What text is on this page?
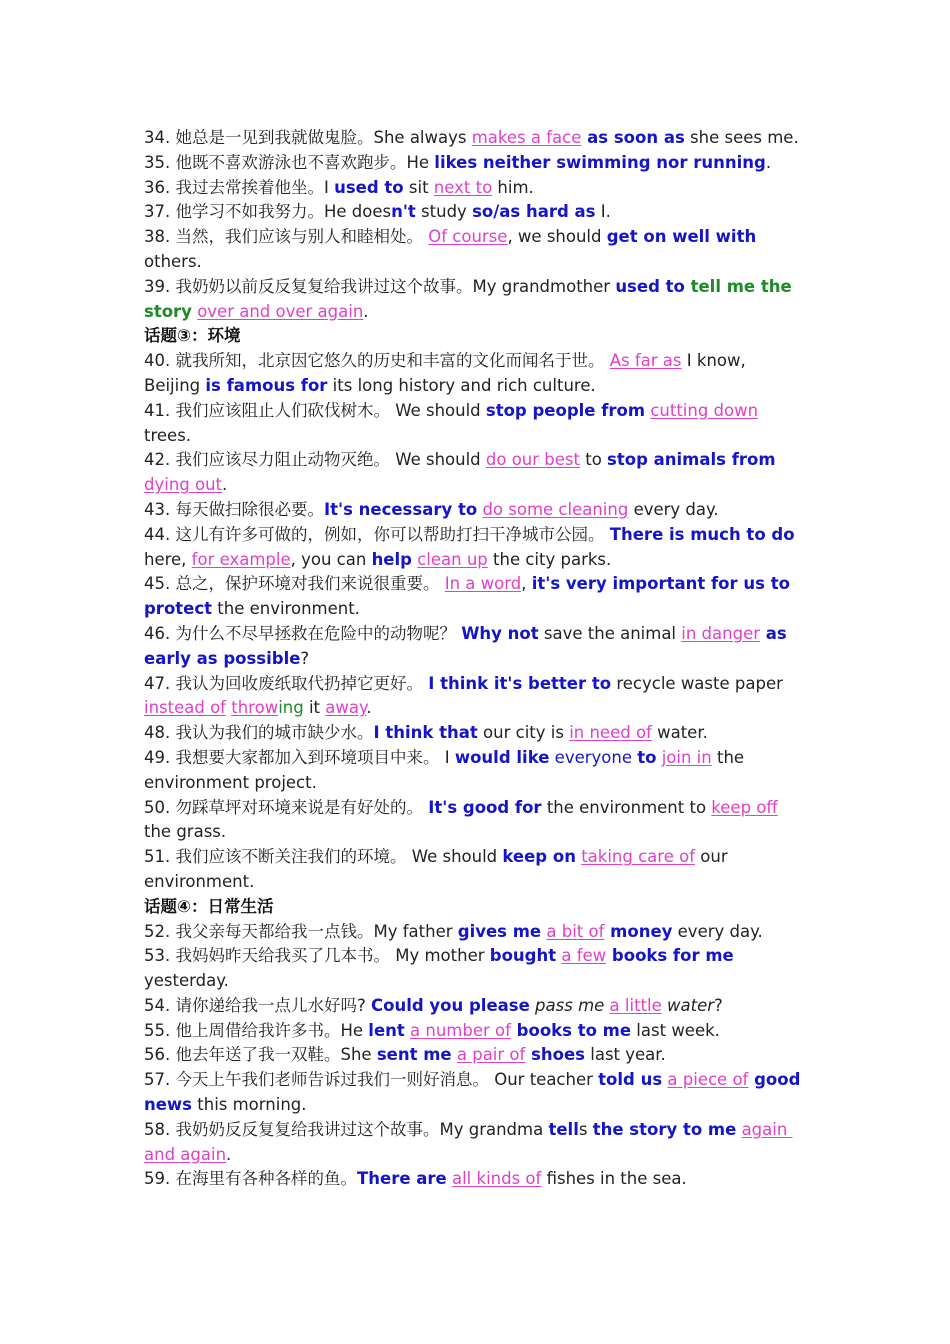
34. 她总是一见到我就做鬼脸。She always makes a face as soon as she sees me.
35. 他既不喜欢游泳也不喜欢跑步。He likes neither swimming nor running.
36. 我过去常挨着他坐。I used to sit next to him.
37. 他学习不如我努力。He doesn't study so/as hard as I.
38. 当然，我们应该与别人和睦相处。 Of course, we should get on well with others.
39. 我奶奶以前反反复复给我讲过这个故事。My grandmother used to tell me the story over and over again.
话题③：环境
40. 就我所知，北京因它悠久的历史和丰富的文化而闻名于世。 As far as I know, Beijing is famous for its long history and rich culture.
41. 我们应该阻止人们砍伐树木。 We should stop people from cutting down trees.
42. 我们应该尽力阻止动物灭绝。 We should do our best to stop animals from dying out.
43. 每天做扫除很必要。It's necessary to do some cleaning every day.
44. 这儿有许多可做的，例如，你可以帮助打扫干净城市公园。 There is much to do here, for example, you can help clean up the city parks.
45. 总之，保护环境对我们来说很重要。 In a word, it's very important for us to protect the environment.
46. 为什么不尽早拯救在危险中的动物呢？ Why not save the animal in danger as early as possible?
47. 我认为回收废纸取代扔掉它更好。 I think it's better to recycle waste paper instead of throwing it away.
48. 我认为我们的城市缺少水。I think that our city is in need of water.
49. 我想要大家都加入到环境项目中来。 I would like everyone to join in the environment project.
50. 勿踩草坪对环境来说是有好处的。 It's good for the environment to keep off the grass.
51. 我们应该不断关注我们的环境。 We should keep on taking care of our environment.
话题④：日常生活
52. 我父亲每天都给我一点钱。My father gives me a bit of money every day.
53. 我妈妈昨天给我买了几本书。 My mother bought a few books for me yesterday.
54. 请你递给我一点儿水好吗? Could you please pass me a little water?
55. 他上周借给我许多书。He lent a number of books to me last week.
56. 他去年送了我一双鞋。She sent me a pair of shoes last year.
57. 今天上午我们老师告诉过我们一则好消息。 Our teacher told us a piece of good news this morning.
58. 我奶奶反反复复给我讲过这个故事。My grandma tells the story to me again and again.
59. 在海里有各种各样的鱼。There are all kinds of fishes in the sea.
